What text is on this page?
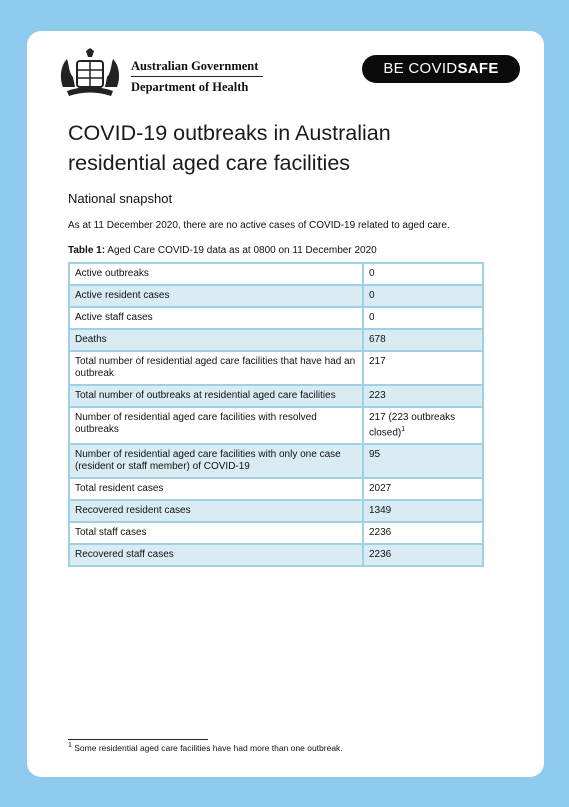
Australian Government
Department of Health
BE COVIDSAFE
COVID-19 outbreaks in Australian residential aged care facilities
National snapshot
As at 11 December 2020, there are no active cases of COVID-19 related to aged care.
Table 1: Aged Care COVID-19 data as at 0800 on 11 December 2020
Active outbreaks	0
Active resident cases	0
Active staff cases	0
Deaths	678
Total number of residential aged care facilities that have had an outbreak	217
Total number of outbreaks at residential aged care facilities	223
Number of residential aged care facilities with resolved outbreaks	217 (223 outbreaks closed)$^1$
Number of residential aged care facilities with only one case (resident or staff member) of COVID-19	95
Total resident cases	2027
Recovered resident cases	1349
Total staff cases	2236
Recovered staff cases	2236
$^1$ Some residential aged care facilities have had more than one outbreak.
